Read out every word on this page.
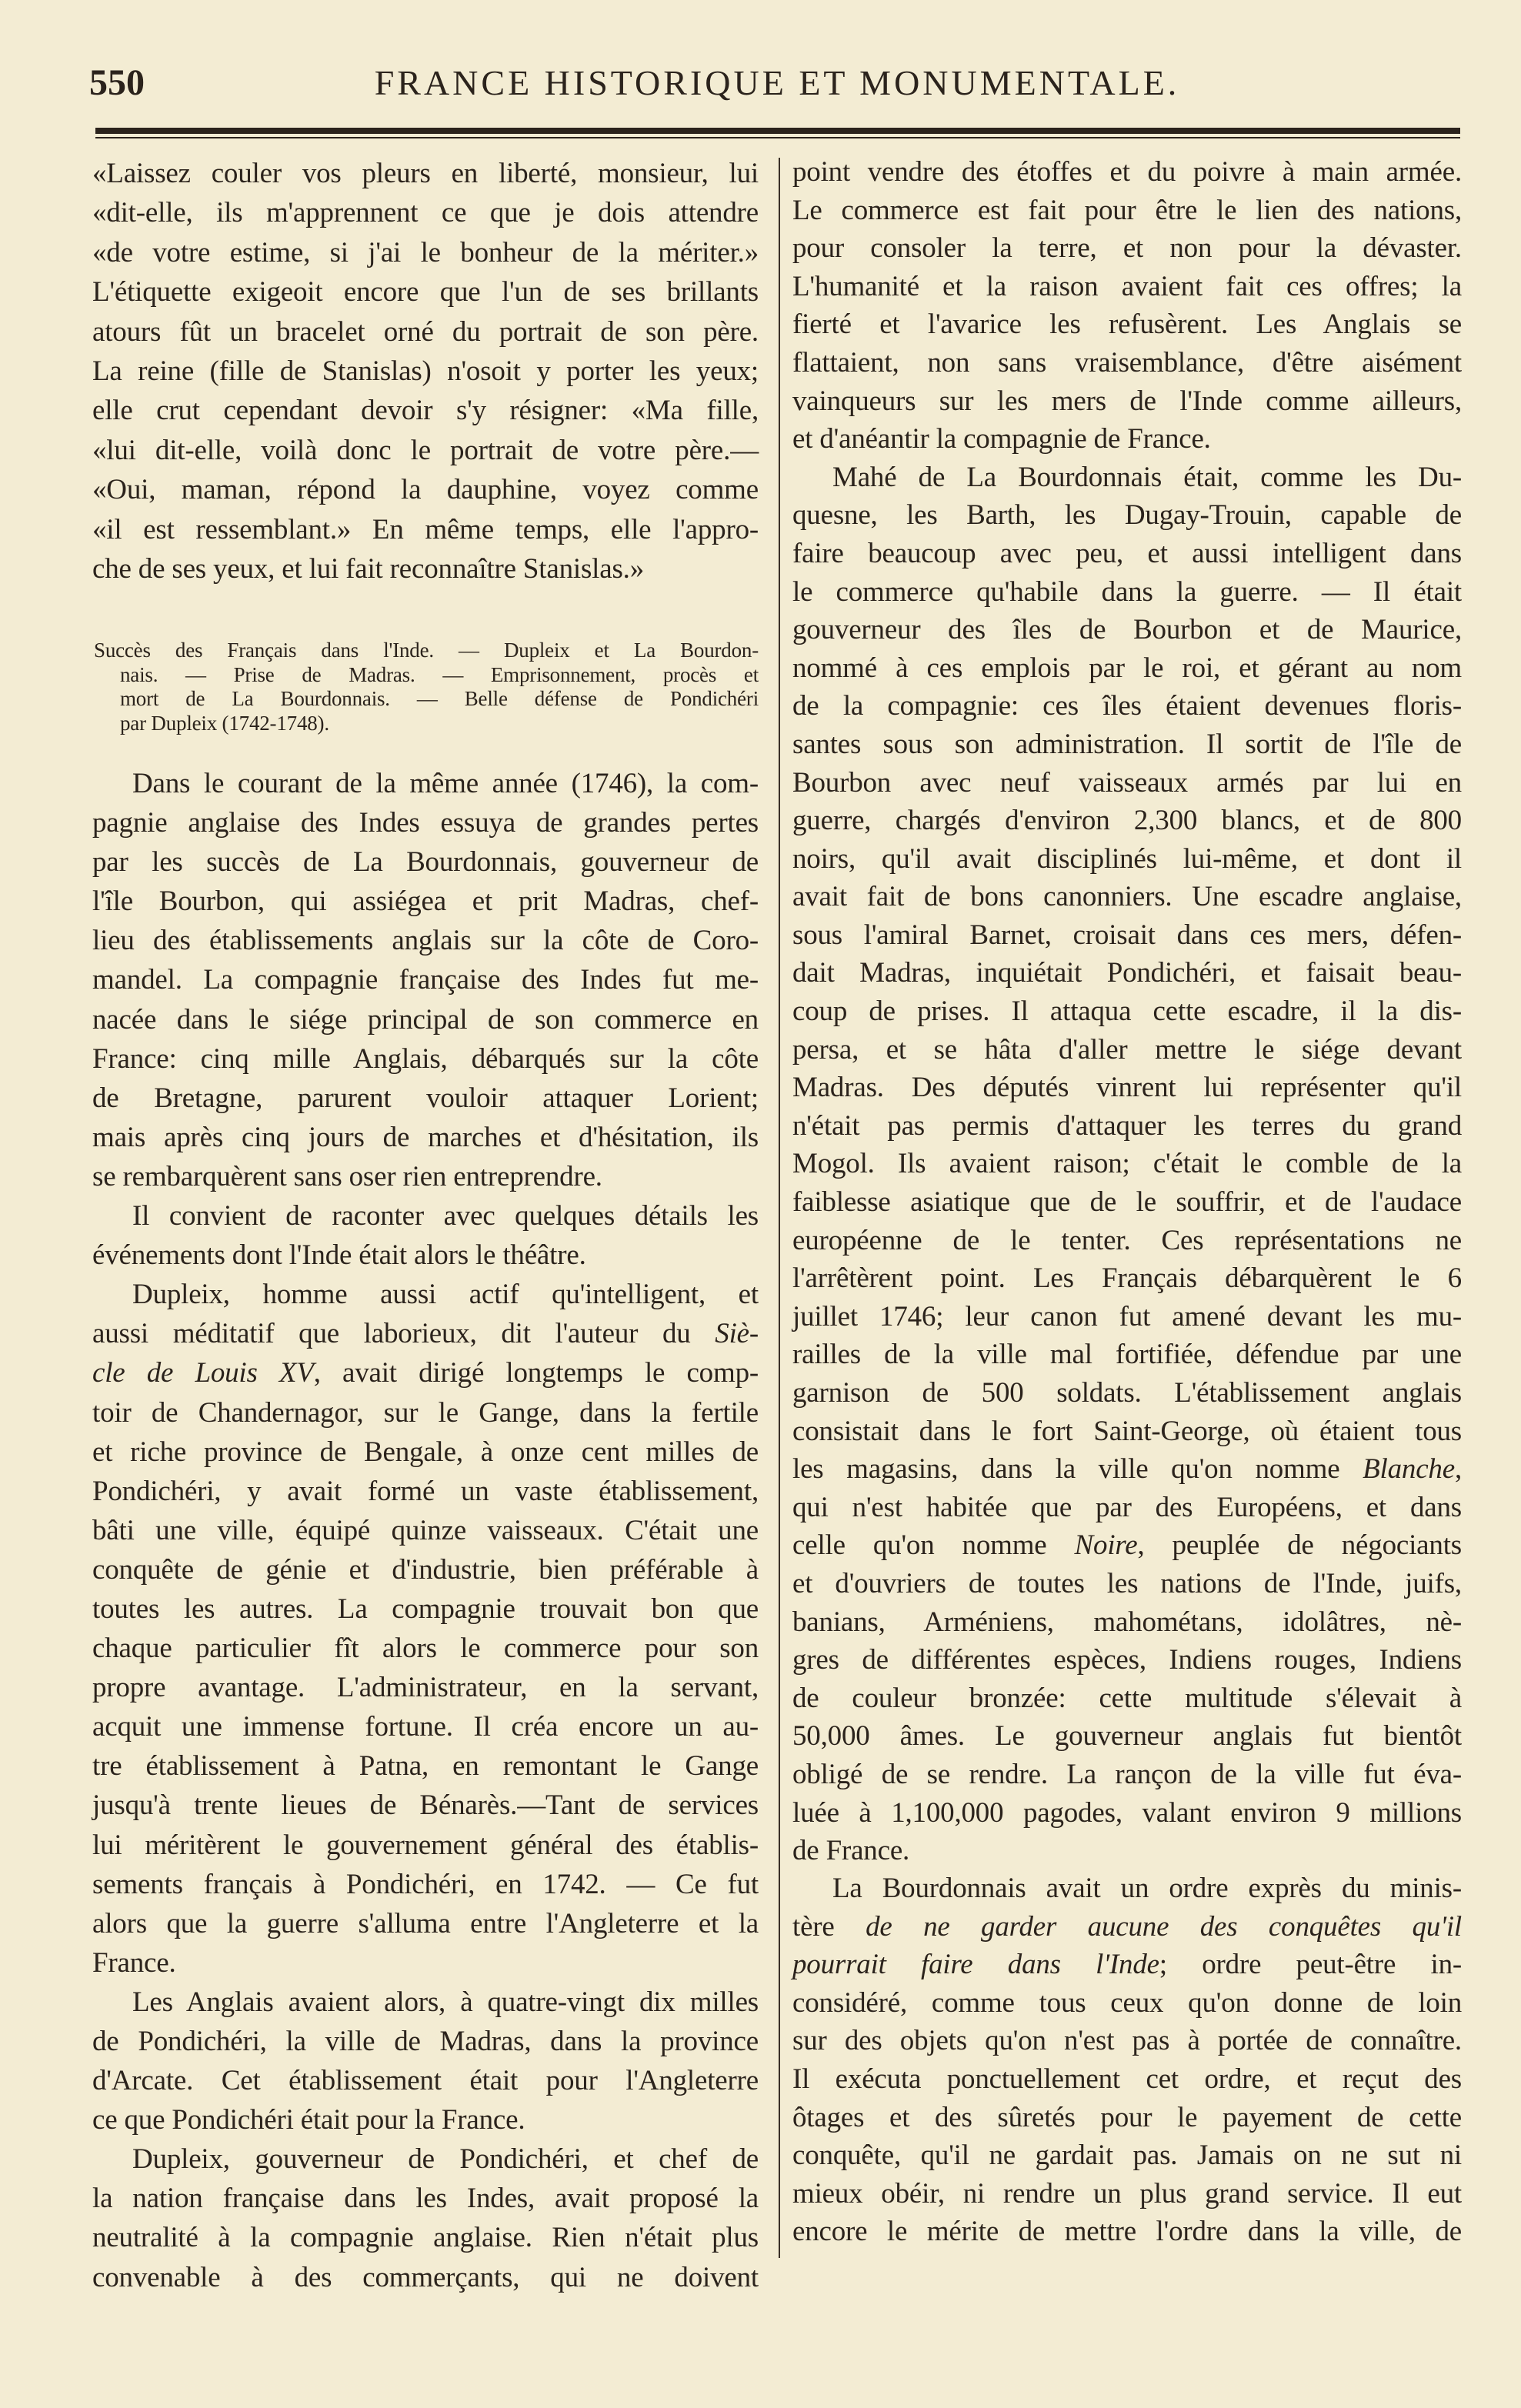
550	FRANCE HISTORIQUE ET MONUMENTALE.
«Laissez couler vos pleurs en liberté, monsieur, lui
«dit-elle, ils m'apprennent ce que je dois attendre
«de votre estime, si j'ai le bonheur de la mériter.»
L'étiquette exigeoit encore que l'un de ses brillants
atours fût un bracelet orné du portrait de son père.
La reine (fille de Stanislas) n'osoit y porter les yeux;
elle crut cependant devoir s'y résigner: «Ma fille,
«lui dit-elle, voilà donc le portrait de votre père.—
«Oui, maman, répond la dauphine, voyez comme
«il est ressemblant.» En même temps, elle l'appro-
che de ses yeux, et lui fait reconnaître Stanislas.»
Succès des Français dans l'Inde. — Dupleix et La Bourdon-
nais. — Prise de Madras. — Emprisonnement, procès et
mort de La Bourdonnais. — Belle défense de Pondichéri
par Dupleix (1742-1748).
Dans le courant de la même année (1746), la com-
pagnie anglaise des Indes essuya de grandes pertes
par les succès de La Bourdonnais, gouverneur de
l'île Bourbon, qui assiégea et prit Madras, chef-
lieu des établissements anglais sur la côte de Coro-
mandel. La compagnie française des Indes fut me-
nacée dans le siége principal de son commerce en
France: cinq mille Anglais, débarqués sur la côte
de Bretagne, parurent vouloir attaquer Lorient;
mais après cinq jours de marches et d'hésitation, ils
se rembarquèrent sans oser rien entreprendre.
Il convient de raconter avec quelques détails les
événements dont l'Inde était alors le théâtre.
Dupleix, homme aussi actif qu'intelligent, et
aussi méditatif que laborieux, dit l'auteur du Siè-
cle de Louis XV, avait dirigé longtemps le comp-
toir de Chandernagor, sur le Gange, dans la fertile
et riche province de Bengale, à onze cent milles de
Pondichéri, y avait formé un vaste établissement,
bâti une ville, équipé quinze vaisseaux. C'était une
conquête de génie et d'industrie, bien préférable à
toutes les autres. La compagnie trouvait bon que
chaque particulier fît alors le commerce pour son
propre avantage. L'administrateur, en la servant,
acquit une immense fortune. Il créa encore un au-
tre établissement à Patna, en remontant le Gange
jusqu'à trente lieues de Bénarès.—Tant de services
lui méritèrent le gouvernement général des établis-
sements français à Pondichéri, en 1742. — Ce fut
alors que la guerre s'alluma entre l'Angleterre et la
France.
Les Anglais avaient alors, à quatre-vingt dix milles
de Pondichéri, la ville de Madras, dans la province
d'Arcate. Cet établissement était pour l'Angleterre
ce que Pondichéri était pour la France.
Dupleix, gouverneur de Pondichéri, et chef de
la nation française dans les Indes, avait proposé la
neutralité à la compagnie anglaise. Rien n'était plus
convenable à des commerçants, qui ne doivent
point vendre des étoffes et du poivre à main armée.
Le commerce est fait pour être le lien des nations,
pour consoler la terre, et non pour la dévaster.
L'humanité et la raison avaient fait ces offres; la
fierté et l'avarice les refusèrent. Les Anglais se
flattaient, non sans vraisemblance, d'être aisément
vainqueurs sur les mers de l'Inde comme ailleurs,
et d'anéantir la compagnie de France.
Mahé de La Bourdonnais était, comme les Du-
quesne, les Barth, les Dugay-Trouin, capable de
faire beaucoup avec peu, et aussi intelligent dans
le commerce qu'habile dans la guerre. — Il était
gouverneur des îles de Bourbon et de Maurice,
nommé à ces emplois par le roi, et gérant au nom
de la compagnie: ces îles étaient devenues floris-
santes sous son administration. Il sortit de l'île de
Bourbon avec neuf vaisseaux armés par lui en
guerre, chargés d'environ 2,300 blancs, et de 800
noirs, qu'il avait disciplinés lui-même, et dont il
avait fait de bons canonniers. Une escadre anglaise,
sous l'amiral Barnet, croisait dans ces mers, défen-
dait Madras, inquiétait Pondichéri, et faisait beau-
coup de prises. Il attaqua cette escadre, il la dis-
persa, et se hâta d'aller mettre le siége devant
Madras. Des députés vinrent lui représenter qu'il
n'était pas permis d'attaquer les terres du grand
Mogol. Ils avaient raison; c'était le comble de la
faiblesse asiatique que de le souffrir, et de l'audace
européenne de le tenter. Ces représentations ne
l'arrêtèrent point. Les Français débarquèrent le 6
juillet 1746; leur canon fut amené devant les mu-
railles de la ville mal fortifiée, défendue par une
garnison de 500 soldats. L'établissement anglais
consistait dans le fort Saint-George, où étaient tous
les magasins, dans la ville qu'on nomme Blanche,
qui n'est habitée que par des Européens, et dans
celle qu'on nomme Noire, peuplée de négociants
et d'ouvriers de toutes les nations de l'Inde, juifs,
banians, Arméniens, mahométans, idolâtres, nè-
gres de différentes espèces, Indiens rouges, Indiens
de couleur bronzée: cette multitude s'élevait à
50,000 âmes. Le gouverneur anglais fut bientôt
obligé de se rendre. La rançon de la ville fut éva-
luée à 1,100,000 pagodes, valant environ 9 millions
de France.
La Bourdonnais avait un ordre exprès du minis-
tère de ne garder aucune des conquêtes qu'il
pourrait faire dans l'Inde; ordre peut-être in-
considéré, comme tous ceux qu'on donne de loin
sur des objets qu'on n'est pas à portée de connaître.
Il exécuta ponctuellement cet ordre, et reçut des
ôtages et des sûretés pour le payement de cette
conquête, qu'il ne gardait pas. Jamais on ne sut ni
mieux obéir, ni rendre un plus grand service. Il eut
encore le mérite de mettre l'ordre dans la ville, de
